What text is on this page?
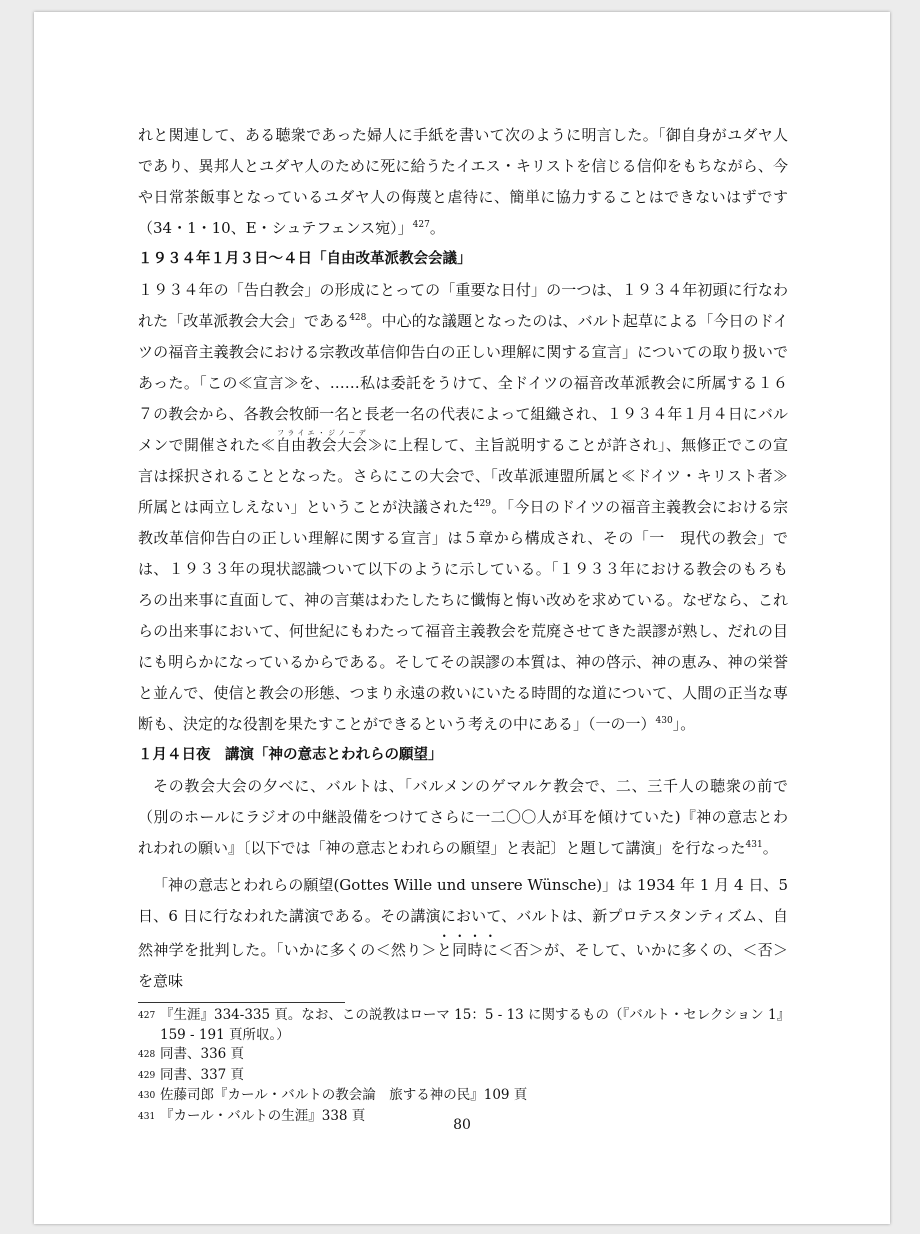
れと関連して、ある聴衆であった婦人に手紙を書いて次のように明言した。「御自身がユダヤ人であり、異邦人とユダヤ人のために死に給うたイエス・キリストを信じる信仰をもちながら、今や日常茶飯事となっているユダヤ人の侮蔑と虐待に、簡単に協力することはできないはずです（34・1・10、E・シュテフェンス宛）」$^{427}$。

１９３４年１月３日〜４日「自由改革派教会会議」

１９３４年の「告白教会」の形成にとっての「重要な日付」の一つは、１９３４年初頭に行なわれた「改革派教会大会」である$^{428}$。中心的な議題となったのは、バルト起草による「今日のドイツの福音主義教会における宗教改革信仰告白の正しい理解に関する宣言」についての取り扱いであった。「この≪宣言≫を、……私は委託をうけて、全ドイツの福音改革派教会に所属する１６７の教会から、各教会牧師一名と長老一名の代表によって組織され、１９３４年１月４日にバルメンで開催された≪自由教会大会フライエ・ジノーデ≫に上程して、主旨説明することが許され」、無修正でこの宣言は採択されることとなった。さらにこの大会で、「改革派連盟所属と≪ドイツ・キリスト者≫所属とは両立しえない」ということが決議された$^{429}$。「今日のドイツの福音主義教会における宗教改革信仰告白の正しい理解に関する宣言」は５章から構成され、その「一　現代の教会」では、１９３３年の現状認識ついて以下のように示している。「１９３３年における教会のもろもろの出来事に直面して、神の言葉はわたしたちに懺悔と悔い改めを求めている。なぜなら、これらの出来事において、何世紀にもわたって福音主義教会を荒廃させてきた誤謬が熟し、だれの目にも明らかになっているからである。そしてその誤謬の本質は、神の啓示、神の恵み、神の栄誉と並んで、使信と教会の形態、つまり永遠の救いにいたる時間的な道について、人間の正当な専断も、決定的な役割を果たすことができるという考えの中にある」（一の一）$^{430}$」。

１月４日夜　講演「神の意志とわれらの願望」

その教会大会の夕べに、バルトは、「バルメンのゲマルケ教会で、二、三千人の聴衆の前で（別のホールにラジオの中継設備をつけてさらに一二〇〇人が耳を傾けていた)『神の意志とわれわれの願い』〔以下では「神の意志とわれらの願望」と表記〕と題して講演」を行なった$^{431}$。

「神の意志とわれらの願望(Gottes Wille und unsere Wünsche)」は 1934 年 1 月 4 日、5 日、6 日に行なわれた講演である。その講演において、バルトは、新プロテスタンティズム、自然神学を批判した。「いかに多くの＜然り＞と同時に＜否＞が、そして、いかに多くの、＜否＞を意味

427 『生涯』334-335 頁。なお、この説教はローマ 15：5 - 13 に関するもの（『バルト・セレクション 1』159 - 191 頁所収。）
428 同書、336 頁
429 同書、337 頁
430 佐藤司郎『カール・バルトの教会論　旅する神の民』109 頁
431 『カール・バルトの生涯』338 頁
80
